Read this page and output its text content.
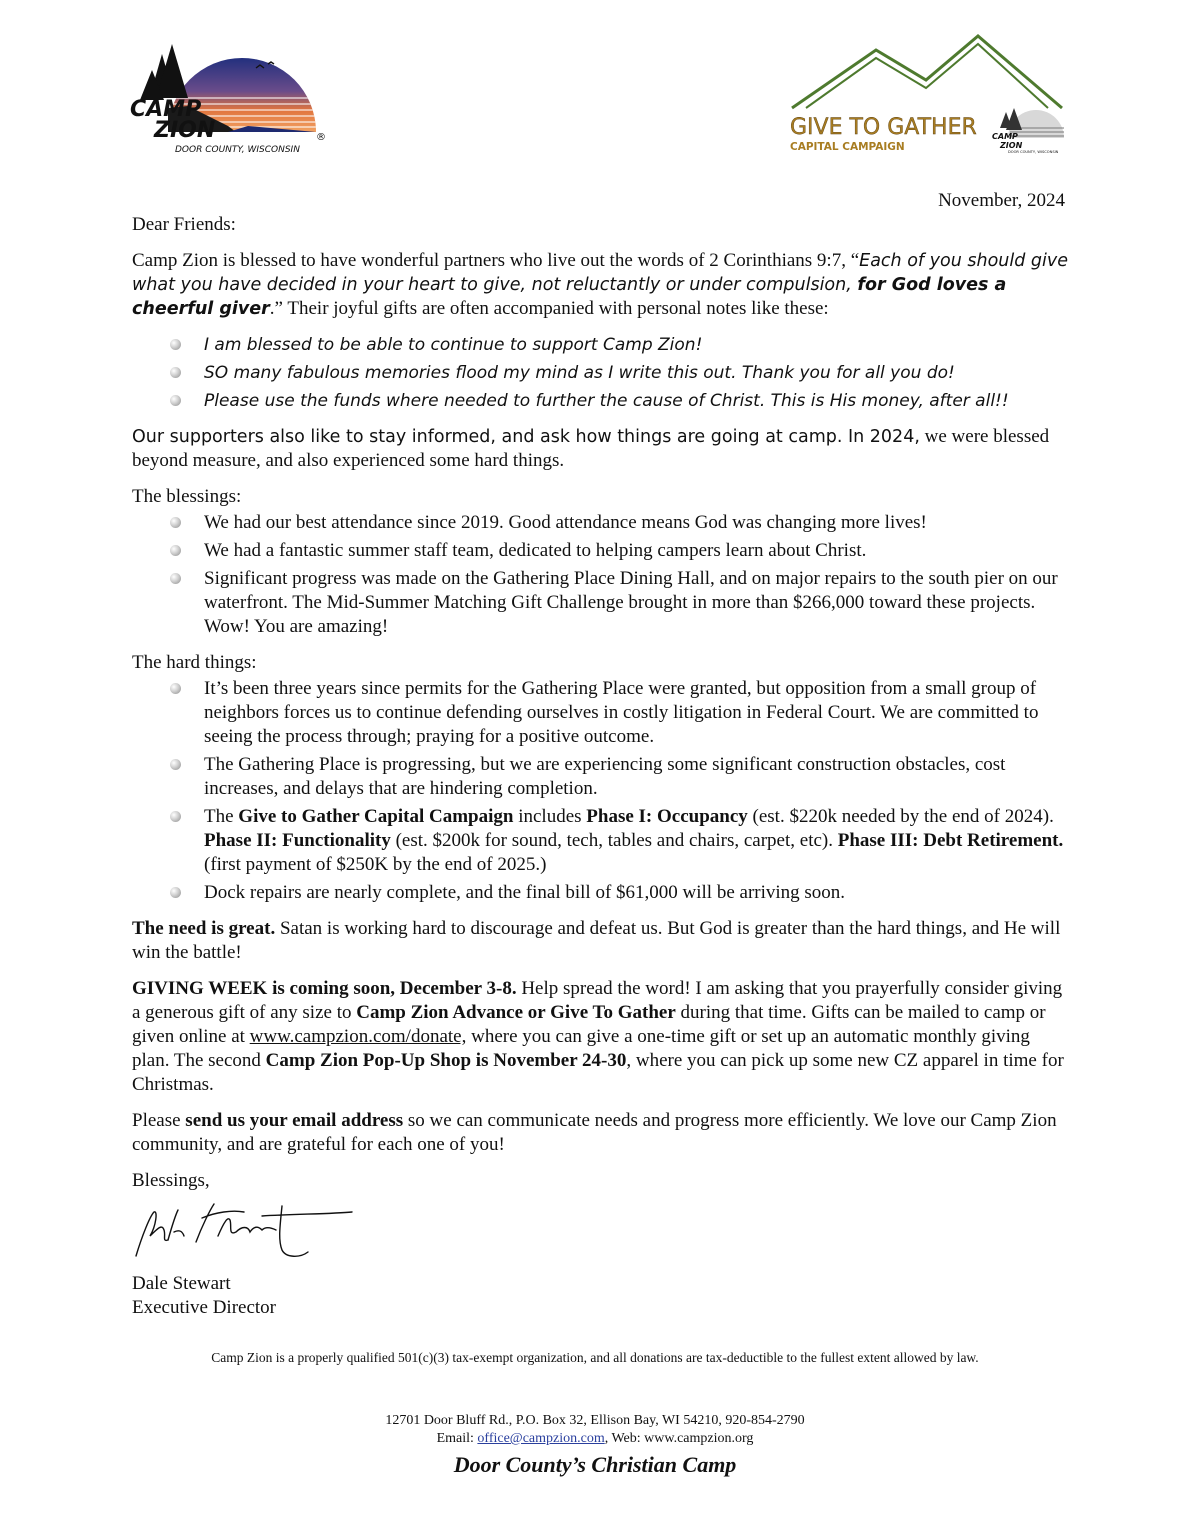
CAMP
ZION
DOOR COUNTY, WISCONSIN
®	GIVE TO GATHER
CAPITAL CAMPAIGN
CAMP
ZION
DOOR COUNTY, WISCONSIN
November, 2024

Dear Friends:

Camp Zion is blessed to have wonderful partners who live out the words of 2 Corinthians 9:7, “Each of you should give what you have decided in your heart to give, not reluctantly or under compulsion, for God loves a cheerful giver.” Their joyful gifts are often accompanied with personal notes like these:

I am blessed to be able to continue to support Camp Zion!
SO many fabulous memories flood my mind as I write this out. Thank you for all you do!
Please use the funds where needed to further the cause of Christ. This is His money, after all!!

Our supporters also like to stay informed, and ask how things are going at camp. In 2024, we were blessed beyond measure, and also experienced some hard things.

The blessings:

We had our best attendance since 2019. Good attendance means God was changing more lives!
We had a fantastic summer staff team, dedicated to helping campers learn about Christ.
Significant progress was made on the Gathering Place Dining Hall, and on major repairs to the south pier on our waterfront. The Mid-Summer Matching Gift Challenge brought in more than $266,000 toward these projects. Wow! You are amazing!

The hard things:

It’s been three years since permits for the Gathering Place were granted, but opposition from a small group of neighbors forces us to continue defending ourselves in costly litigation in Federal Court. We are committed to seeing the process through; praying for a positive outcome.
The Gathering Place is progressing, but we are experiencing some significant construction obstacles, cost increases, and delays that are hindering completion.
The Give to Gather Capital Campaign includes Phase I: Occupancy (est. $220k needed by the end of 2024). Phase II: Functionality (est. $200k for sound, tech, tables and chairs, carpet, etc). Phase III: Debt Retirement. (first payment of $250K by the end of 2025.)
Dock repairs are nearly complete, and the final bill of $61,000 will be arriving soon.

The need is great. Satan is working hard to discourage and defeat us. But God is greater than the hard things, and He will win the battle!

GIVING WEEK is coming soon, December 3-8. Help spread the word! I am asking that you prayerfully consider giving a generous gift of any size to Camp Zion Advance or Give To Gather during that time. Gifts can be mailed to camp or given online at www.campzion.com/donate, where you can give a one-time gift or set up an automatic monthly giving plan. The second Camp Zion Pop-Up Shop is November 24-30, where you can pick up some new CZ apparel in time for Christmas.

Please send us your email address so we can communicate needs and progress more efficiently. We love our Camp Zion community, and are grateful for each one of you!

Blessings,

Dale Stewart
Executive Director
Camp Zion is a properly qualified 501(c)(3) tax-exempt organization, and all donations are tax-deductible to the fullest extent allowed by law.
12701 Door Bluff Rd., P.O. Box 32, Ellison Bay, WI 54210, 920-854-2790
Email: office@campzion.com, Web: www.campzion.org
Door County’s Christian Camp
